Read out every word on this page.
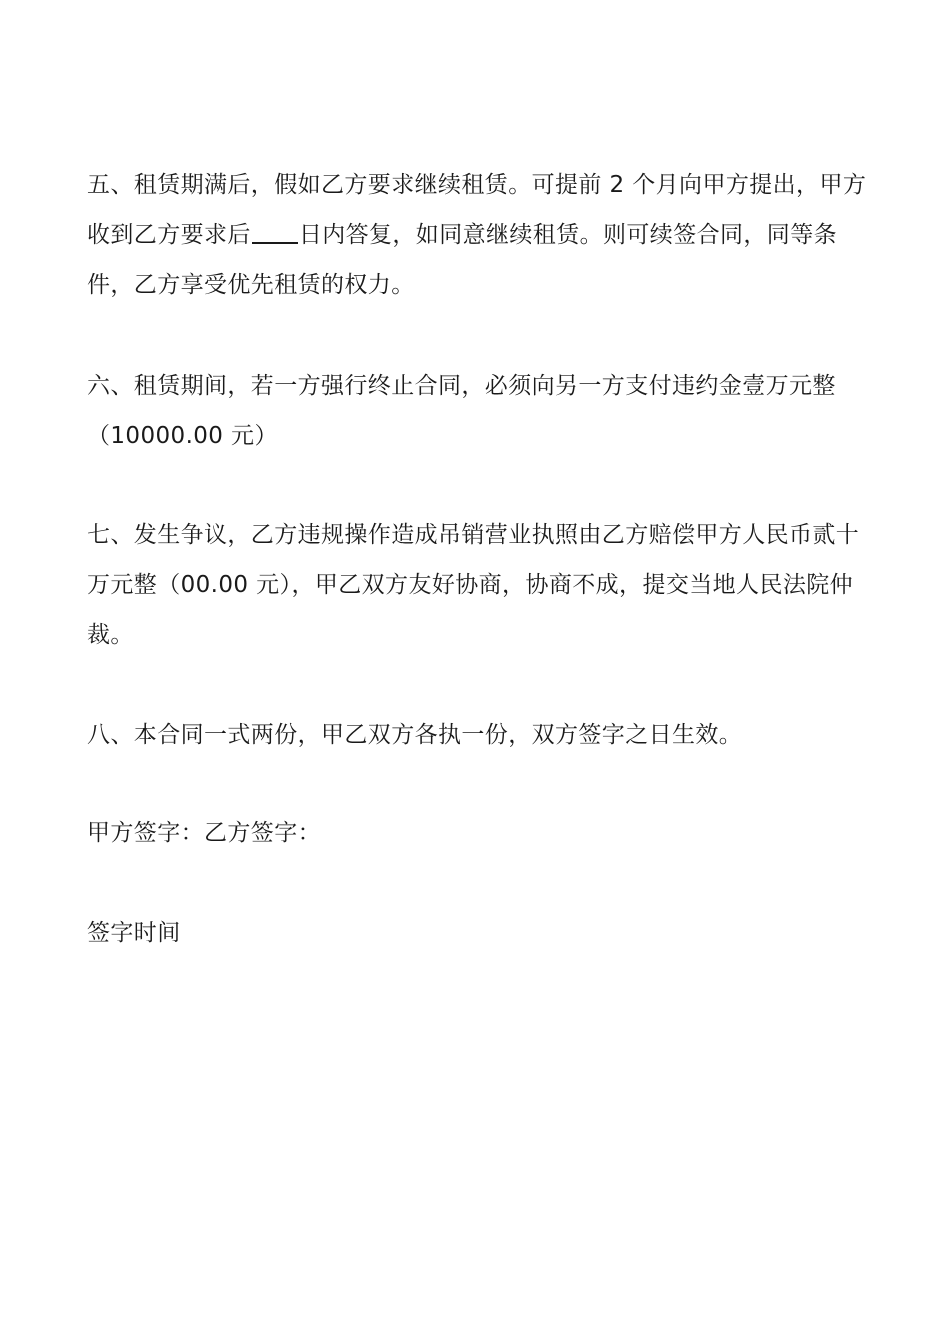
五、租赁期满后，假如乙方要求继续租赁。可提前 2 个月向甲方提出，甲方收到乙方要求后 日内答复，如同意继续租赁。则可续签合同，同等条件，乙方享受优先租赁的权力。

六、租赁期间，若一方强行终止合同，必须向另一方支付违约金壹万元整（10000.00 元）

七、发生争议，乙方违规操作造成吊销营业执照由乙方赔偿甲方人民币贰十万元整（00.00 元），甲乙双方友好协商，协商不成，提交当地人民法院仲裁。

八、本合同一式两份，甲乙双方各执一份，双方签字之日生效。

甲方签字：乙方签字：

签字时间
